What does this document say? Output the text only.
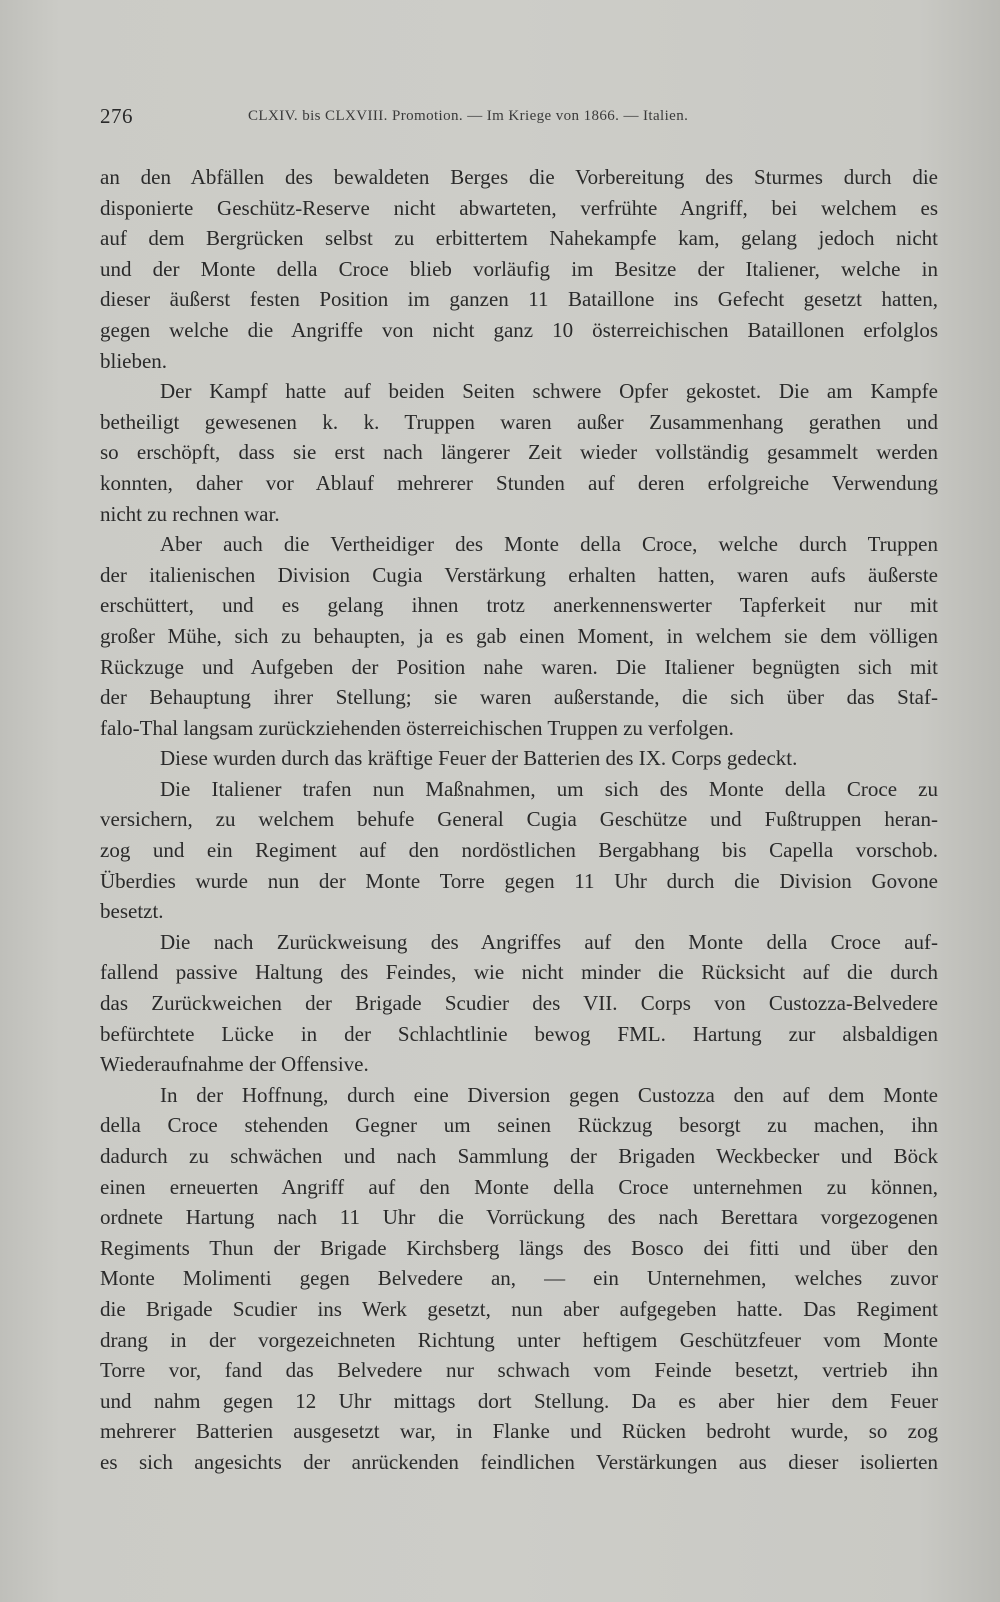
276	CLXIV. bis CLXVIII. Promotion. — Im Kriege von 1866. — Italien.
an den Abfällen des bewaldeten Berges die Vorbereitung des Sturmes durch die
disponierte Geschütz-Reserve nicht abwarteten, verfrühte Angriff, bei welchem es
auf dem Bergrücken selbst zu erbittertem Nahekampfe kam, gelang jedoch nicht
und der Monte della Croce blieb vorläufig im Besitze der Italiener, welche in
dieser äußerst festen Position im ganzen 11 Bataillone ins Gefecht gesetzt hatten,
gegen welche die Angriffe von nicht ganz 10 österreichischen Bataillonen erfolglos
blieben.
Der Kampf hatte auf beiden Seiten schwere Opfer gekostet. Die am Kampfe
betheiligt gewesenen k. k. Truppen waren außer Zusammenhang gerathen und
so erschöpft, dass sie erst nach längerer Zeit wieder vollständig gesammelt werden
konnten, daher vor Ablauf mehrerer Stunden auf deren erfolgreiche Verwendung
nicht zu rechnen war.
Aber auch die Vertheidiger des Monte della Croce, welche durch Truppen
der italienischen Division Cugia Verstärkung erhalten hatten, waren aufs äußerste
erschüttert, und es gelang ihnen trotz anerkennenswerter Tapferkeit nur mit
großer Mühe, sich zu behaupten, ja es gab einen Moment, in welchem sie dem völligen
Rückzuge und Aufgeben der Position nahe waren. Die Italiener begnügten sich mit
der Behauptung ihrer Stellung; sie waren außerstande, die sich über das Staf-
falo-Thal langsam zurückziehenden österreichischen Truppen zu verfolgen.
Diese wurden durch das kräftige Feuer der Batterien des IX. Corps gedeckt.
Die Italiener trafen nun Maßnahmen, um sich des Monte della Croce zu
versichern, zu welchem behufe General Cugia Geschütze und Fußtruppen heran-
zog und ein Regiment auf den nordöstlichen Bergabhang bis Capella vorschob.
Überdies wurde nun der Monte Torre gegen 11 Uhr durch die Division Govone
besetzt.
Die nach Zurückweisung des Angriffes auf den Monte della Croce auf-
fallend passive Haltung des Feindes, wie nicht minder die Rücksicht auf die durch
das Zurückweichen der Brigade Scudier des VII. Corps von Custozza-Belvedere
befürchtete Lücke in der Schlachtlinie bewog FML. Hartung zur alsbaldigen
Wiederaufnahme der Offensive.
In der Hoffnung, durch eine Diversion gegen Custozza den auf dem Monte
della Croce stehenden Gegner um seinen Rückzug besorgt zu machen, ihn
dadurch zu schwächen und nach Sammlung der Brigaden Weckbecker und Böck
einen erneuerten Angriff auf den Monte della Croce unternehmen zu können,
ordnete Hartung nach 11 Uhr die Vorrückung des nach Berettara vorgezogenen
Regiments Thun der Brigade Kirchsberg längs des Bosco dei fitti und über den
Monte Molimenti gegen Belvedere an, — ein Unternehmen, welches zuvor
die Brigade Scudier ins Werk gesetzt, nun aber aufgegeben hatte. Das Regiment
drang in der vorgezeichneten Richtung unter heftigem Geschützfeuer vom Monte
Torre vor, fand das Belvedere nur schwach vom Feinde besetzt, vertrieb ihn
und nahm gegen 12 Uhr mittags dort Stellung. Da es aber hier dem Feuer
mehrerer Batterien ausgesetzt war, in Flanke und Rücken bedroht wurde, so zog
es sich angesichts der anrückenden feindlichen Verstärkungen aus dieser isolierten
